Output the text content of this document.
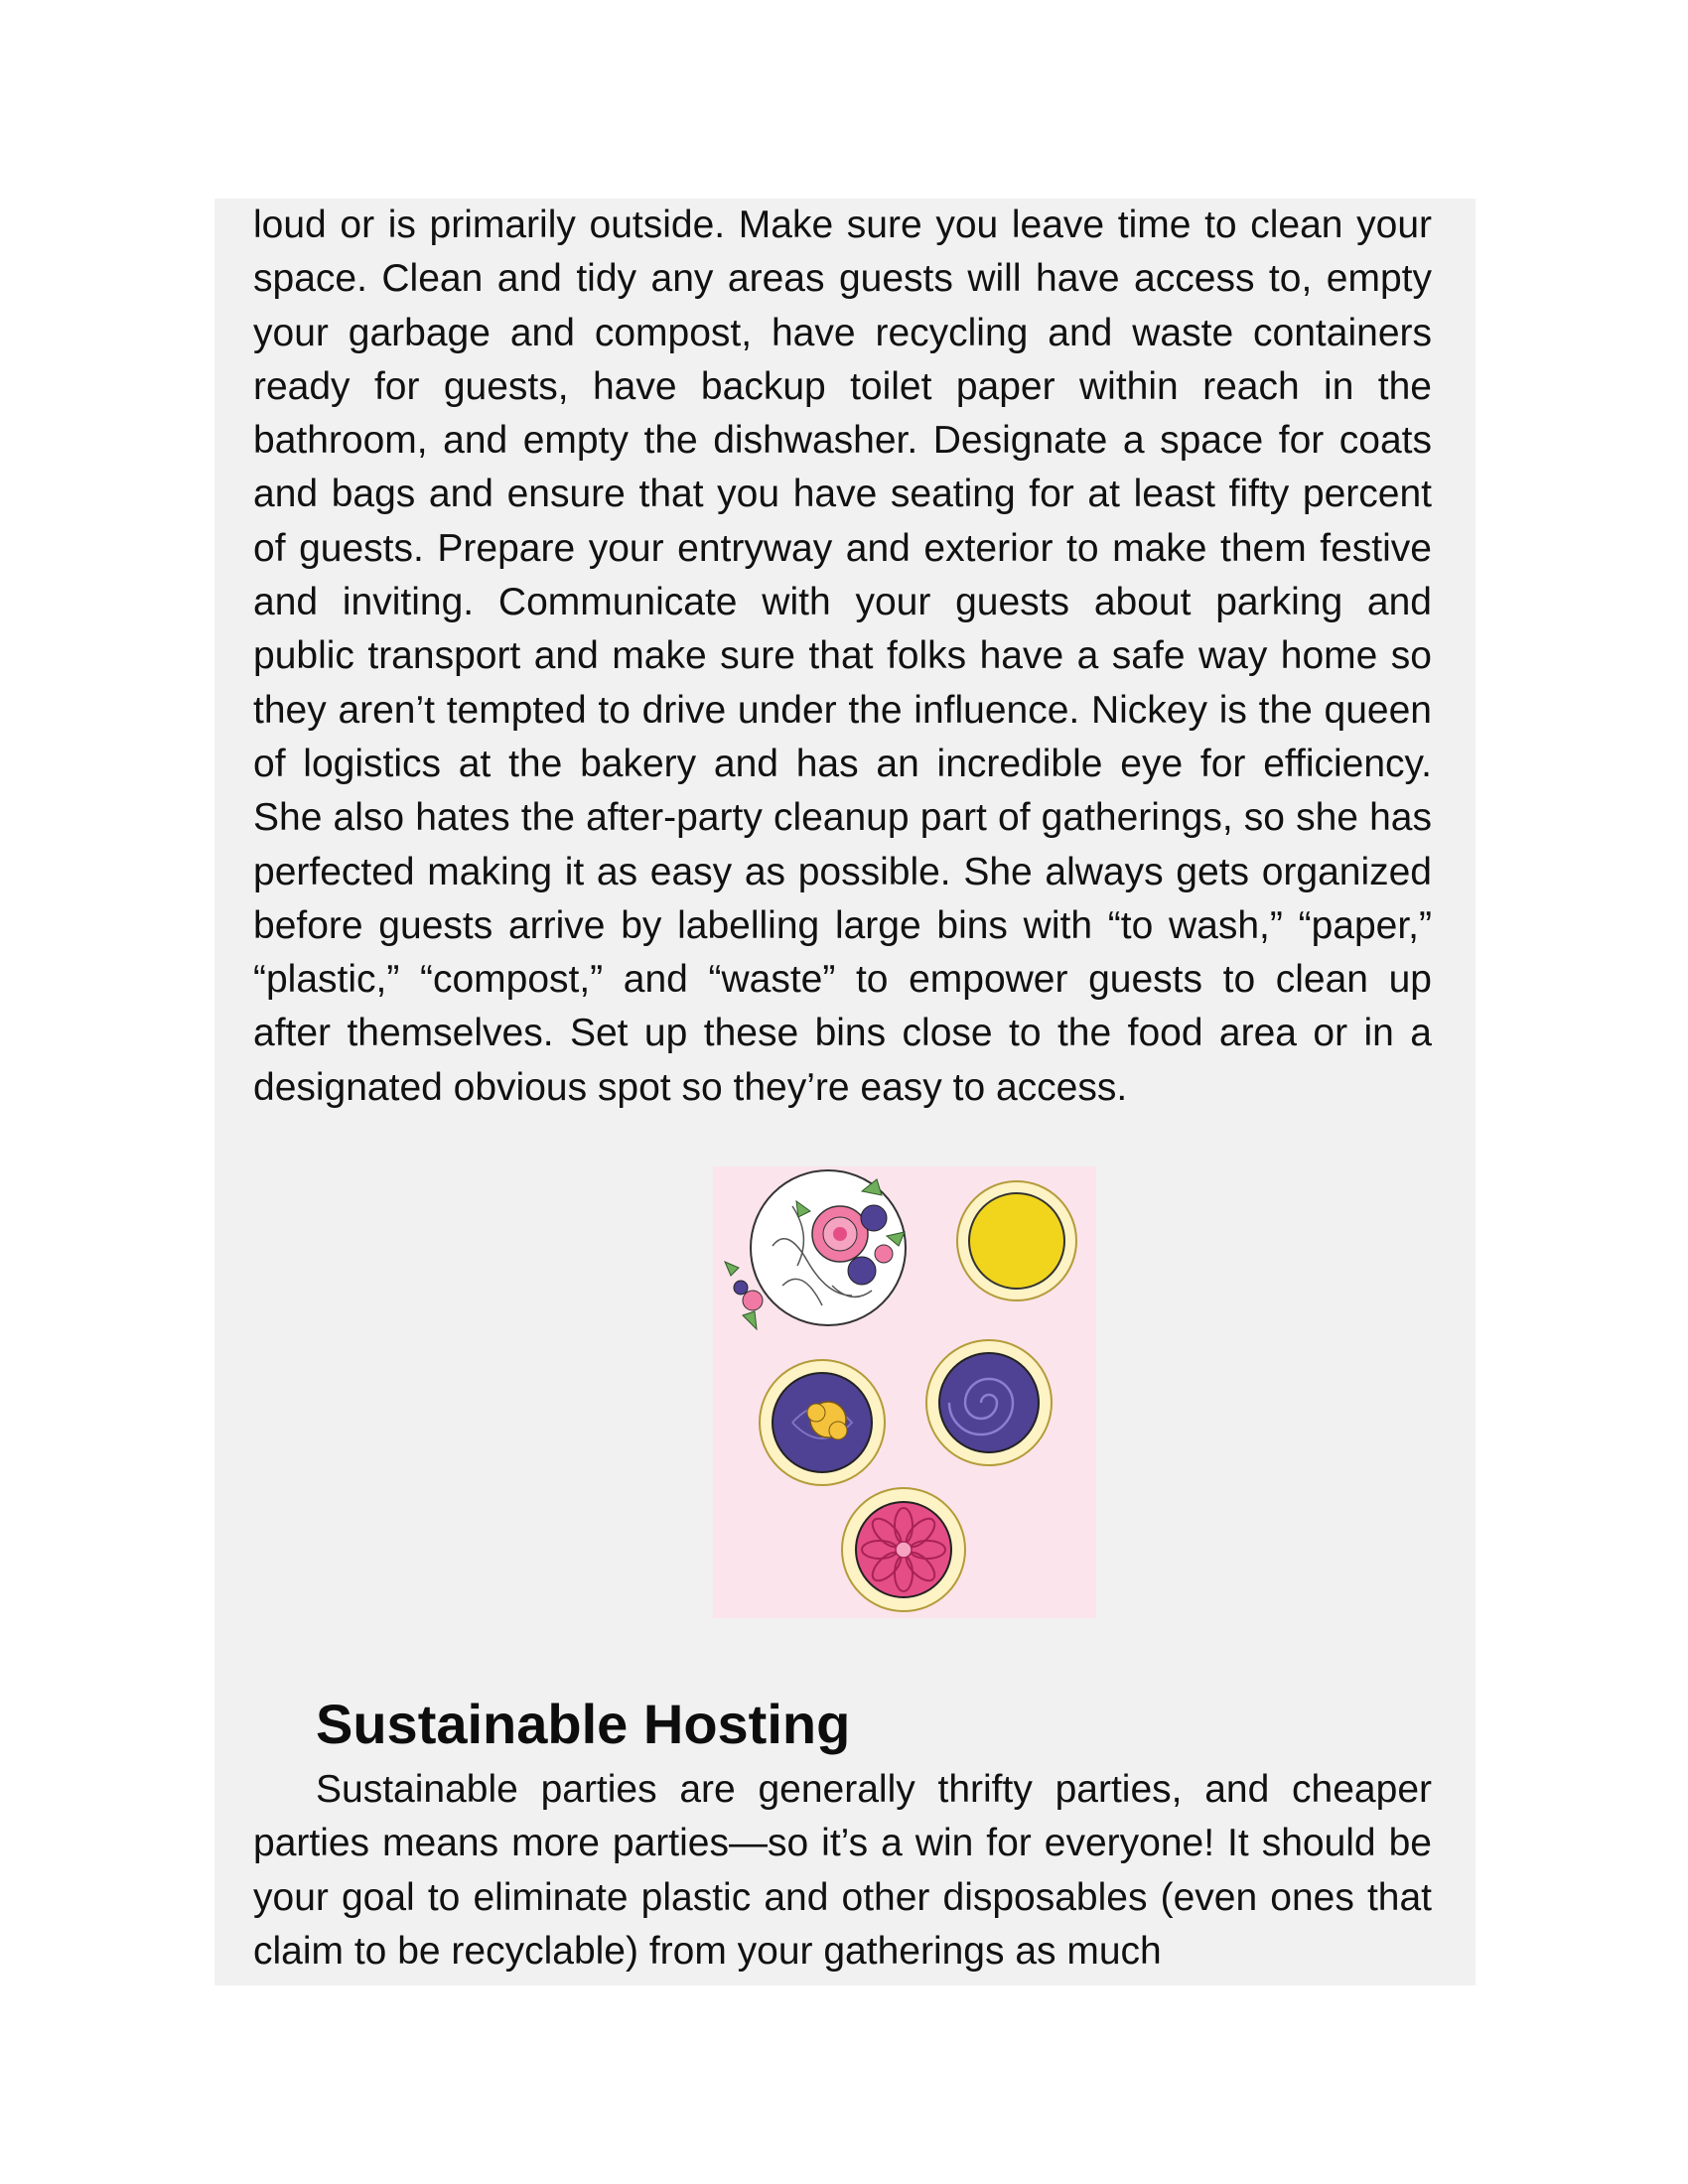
loud or is primarily outside. Make sure you leave time to clean your space. Clean and tidy any areas guests will have access to, empty your garbage and compost, have recycling and waste containers ready for guests, have backup toilet paper within reach in the bathroom, and empty the dishwasher. Designate a space for coats and bags and ensure that you have seating for at least fifty percent of guests. Prepare your entryway and exterior to make them festive and inviting. Communicate with your guests about parking and public transport and make sure that folks have a safe way home so they aren’t tempted to drive under the influence. Nickey is the queen of logistics at the bakery and has an incredible eye for efficiency. She also hates the after-party cleanup part of gatherings, so she has perfected making it as easy as possible. She always gets organized before guests arrive by labelling large bins with “to wash,” “paper,” “plastic,” “compost,” and “waste” to empower guests to clean up after themselves. Set up these bins close to the food area or in a designated obvious spot so they’re easy to access.

Sustainable Hosting

Sustainable parties are generally thrifty parties, and cheaper parties means more parties—so it’s a win for everyone! It should be your goal to eliminate plastic and other disposables (even ones that claim to be recyclable) from your gatherings as much
